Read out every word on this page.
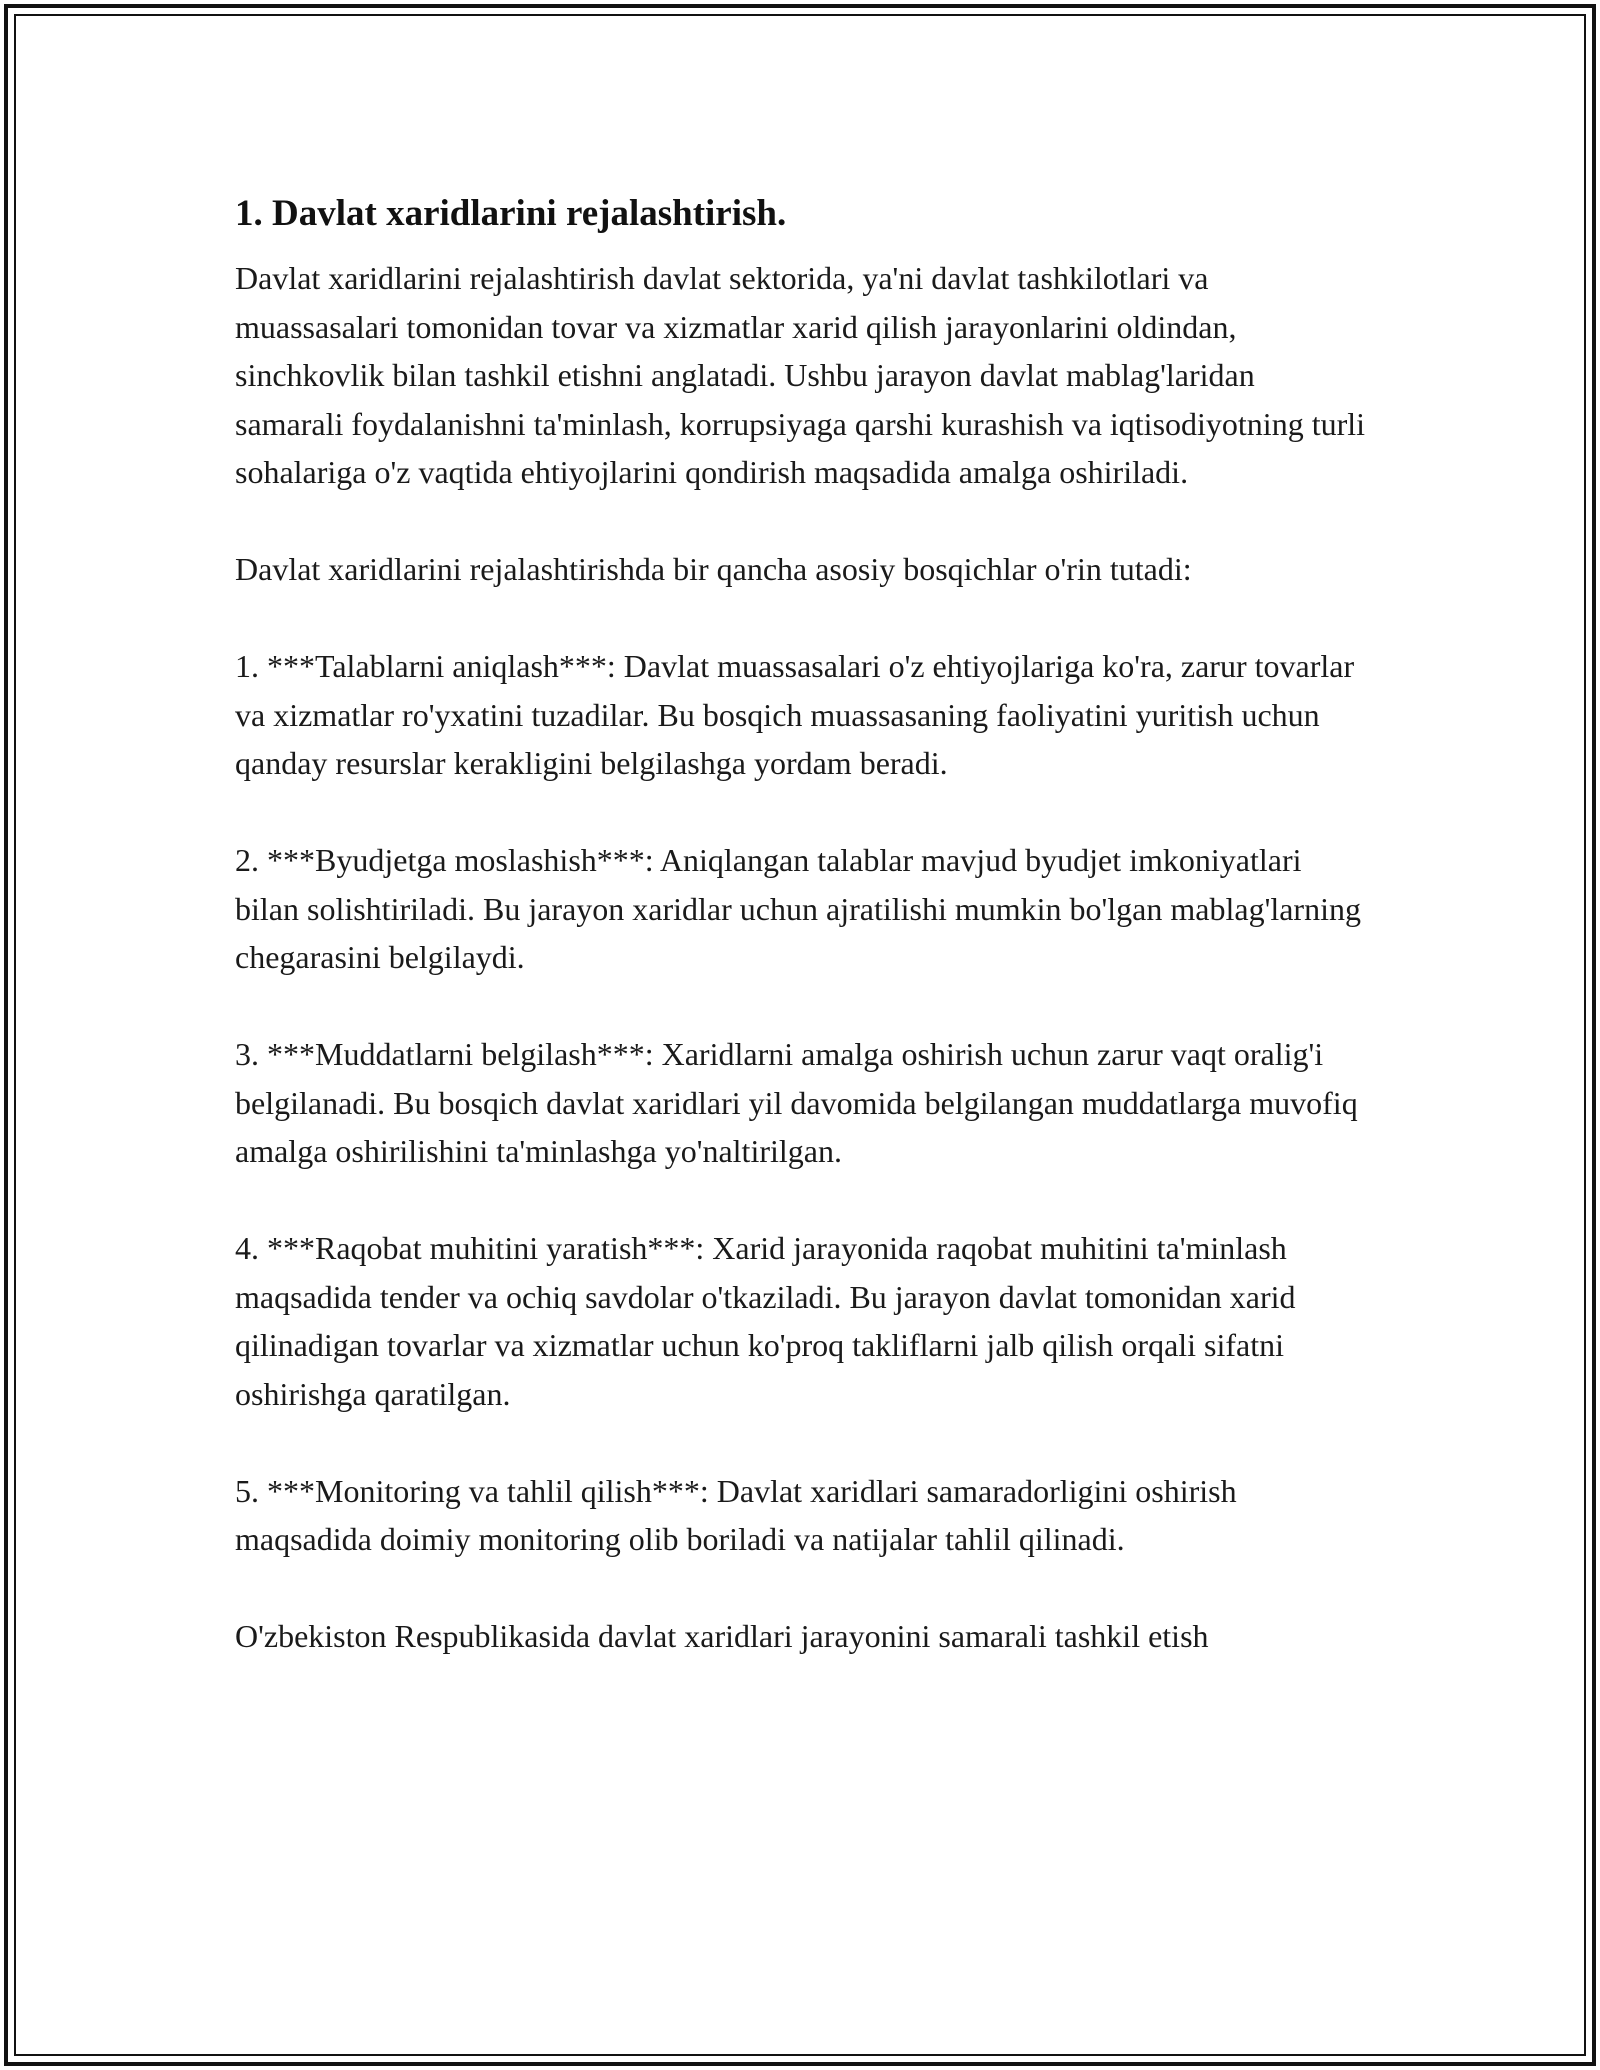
1. Davlat xaridlarini rejalashtirish.

Davlat xaridlarini rejalashtirish davlat sektorida, ya'ni davlat tashkilotlari va muassasalari tomonidan tovar va xizmatlar xarid qilish jarayonlarini oldindan, sinchkovlik bilan tashkil etishni anglatadi. Ushbu jarayon davlat mablag'laridan samarali foydalanishni ta'minlash, korrupsiyaga qarshi kurashish va iqtisodiyotning turli sohalariga o'z vaqtida ehtiyojlarini qondirish maqsadida amalga oshiriladi.

Davlat xaridlarini rejalashtirishda bir qancha asosiy bosqichlar o'rin tutadi:

1. ***Talablarni aniqlash***: Davlat muassasalari o'z ehtiyojlariga ko'ra, zarur tovarlar va xizmatlar ro'yxatini tuzadilar. Bu bosqich muassasaning faoliyatini yuritish uchun qanday resurslar kerakligini belgilashga yordam beradi.

2. ***Byudjetga moslashish***: Aniqlangan talablar mavjud byudjet imkoniyatlari bilan solishtiriladi. Bu jarayon xaridlar uchun ajratilishi mumkin bo'lgan mablag'larning chegarasini belgilaydi.

3. ***Muddatlarni belgilash***: Xaridlarni amalga oshirish uchun zarur vaqt oralig'i belgilanadi. Bu bosqich davlat xaridlari yil davomida belgilangan muddatlarga muvofiq amalga oshirilishini ta'minlashga yo'naltirilgan.

4. ***Raqobat muhitini yaratish***: Xarid jarayonida raqobat muhitini ta'minlash maqsadida tender va ochiq savdolar o'tkaziladi. Bu jarayon davlat tomonidan xarid qilinadigan tovarlar va xizmatlar uchun ko'proq takliflarni jalb qilish orqali sifatni oshirishga qaratilgan.

5. ***Monitoring va tahlil qilish***: Davlat xaridlari samaradorligini oshirish maqsadida doimiy monitoring olib boriladi va natijalar tahlil qilinadi.

O'zbekiston Respublikasida davlat xaridlari jarayonini samarali tashkil etish
